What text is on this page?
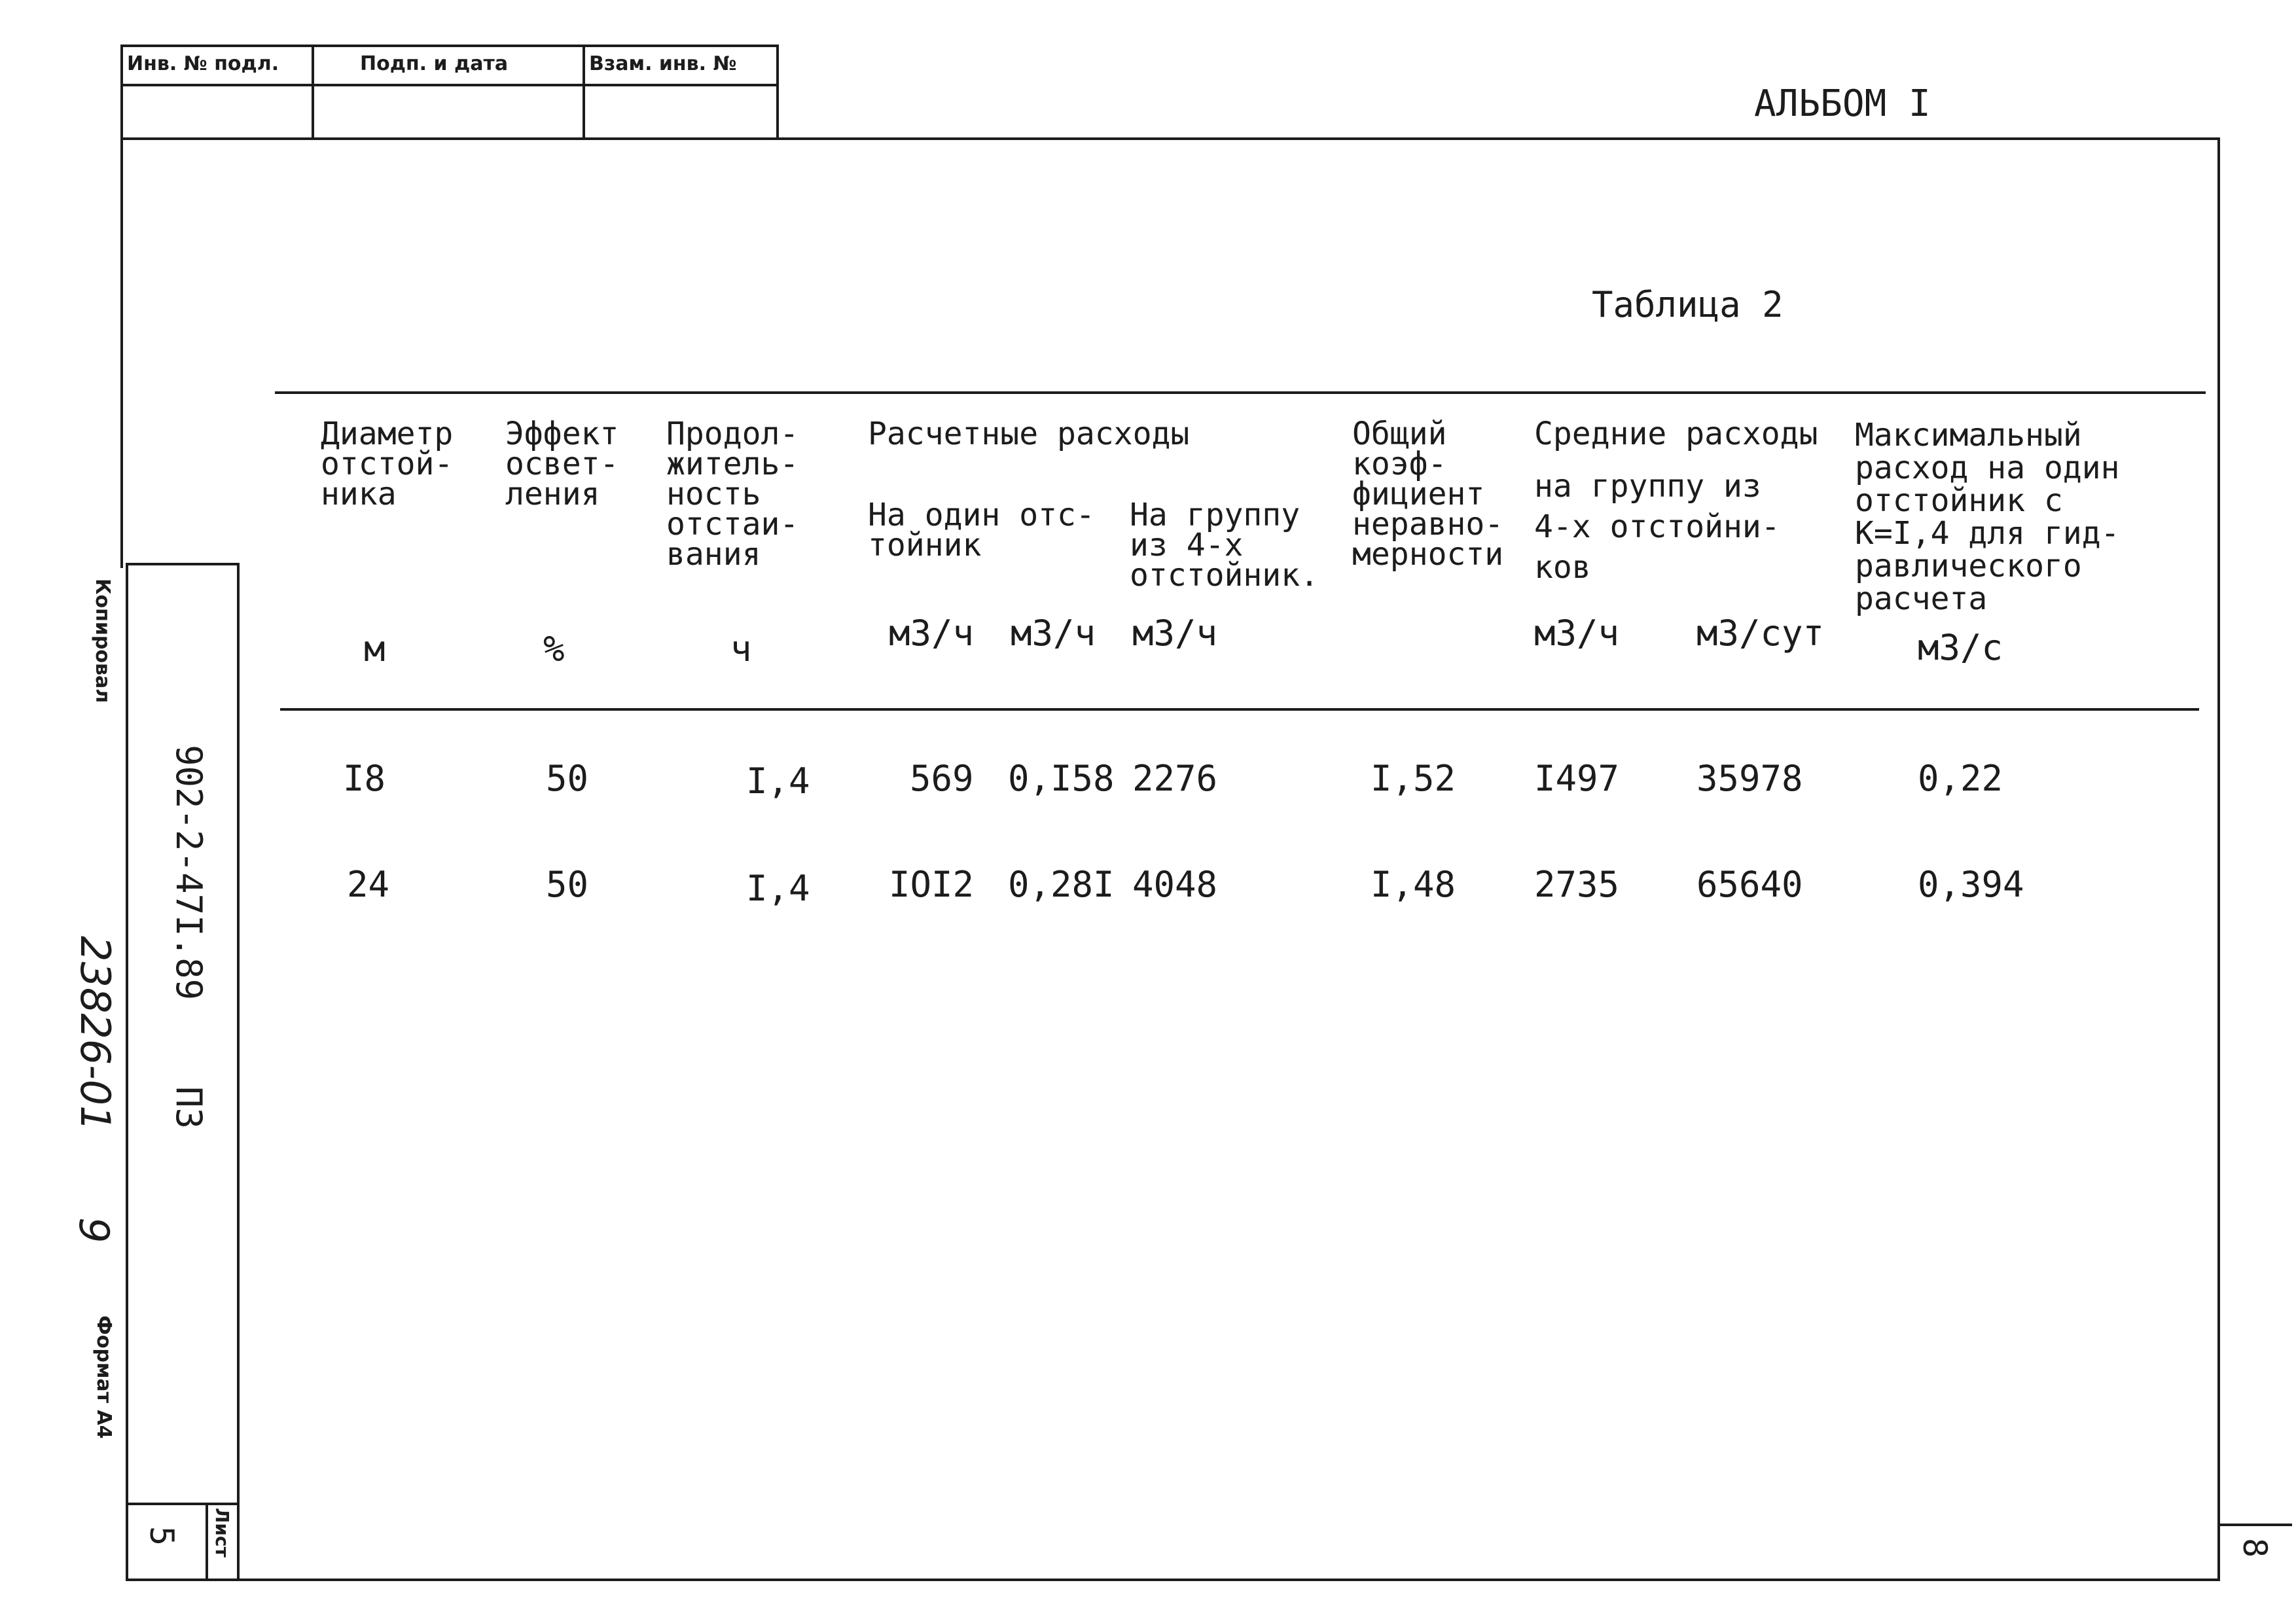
Инв. № подл.	Подп. и дата	Взам. инв. №
АЛЬБОМ I
Таблица 2
Диаметр
отстой-
ника
Эффект
освет-
ления
Продол-
житель-
ность
отстаи-
вания
Расчетные расходы
На один отс-
тойник
На группу
из 4-х
отстойник.
Общий
коэф-
фициент
неравно-
мерности
Средние расходы
на группу из
4-х отстойни-
ков
Максимальный
расход на один
отстойник с
К=I,4 для гид-
равлического
расчета
м	%	ч	м3/ч м3/ч м3/ч	м3/ч м3/сут	м3/с
I8	50	I,4	569 0,I58 2276	I,52 I497 35978	0,22
24	50	I,4 IOI2 0,28I 4048	I,48 2735 65640	0,394
Копировал
902-2-47I.89
ПЗ
23826-01
9
Формат А4
Лист
5
8
